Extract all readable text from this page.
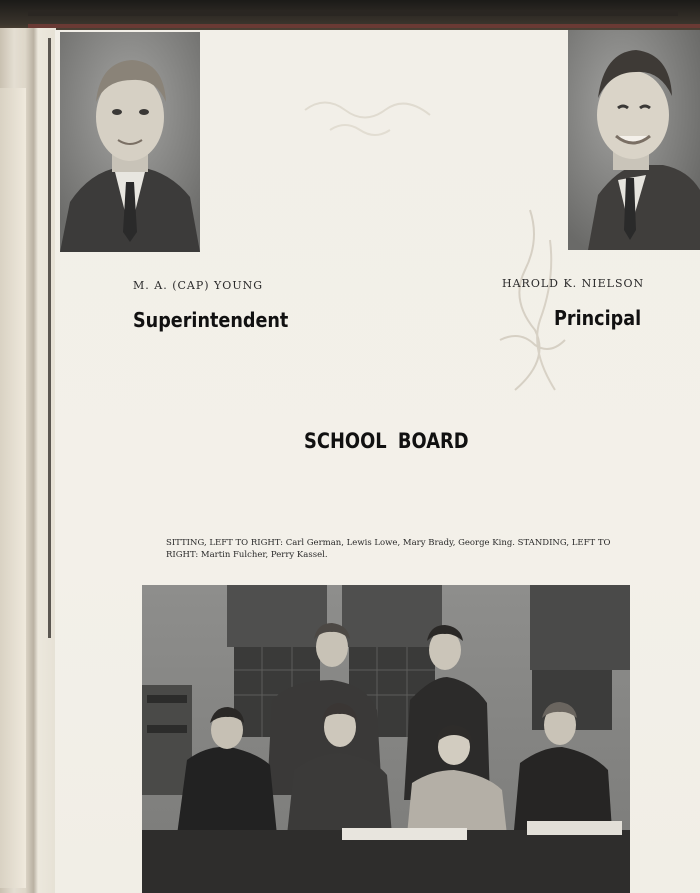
M. A. (CAP) YOUNG
Superintendent
HAROLD K. NIELSON
Principal
SCHOOL BOARD
SITTING, LEFT TO RIGHT: Carl German, Lewis Lowe, Mary Brady, George King. STANDING, LEFT TO RIGHT: Martin Fulcher, Perry Kassel.
